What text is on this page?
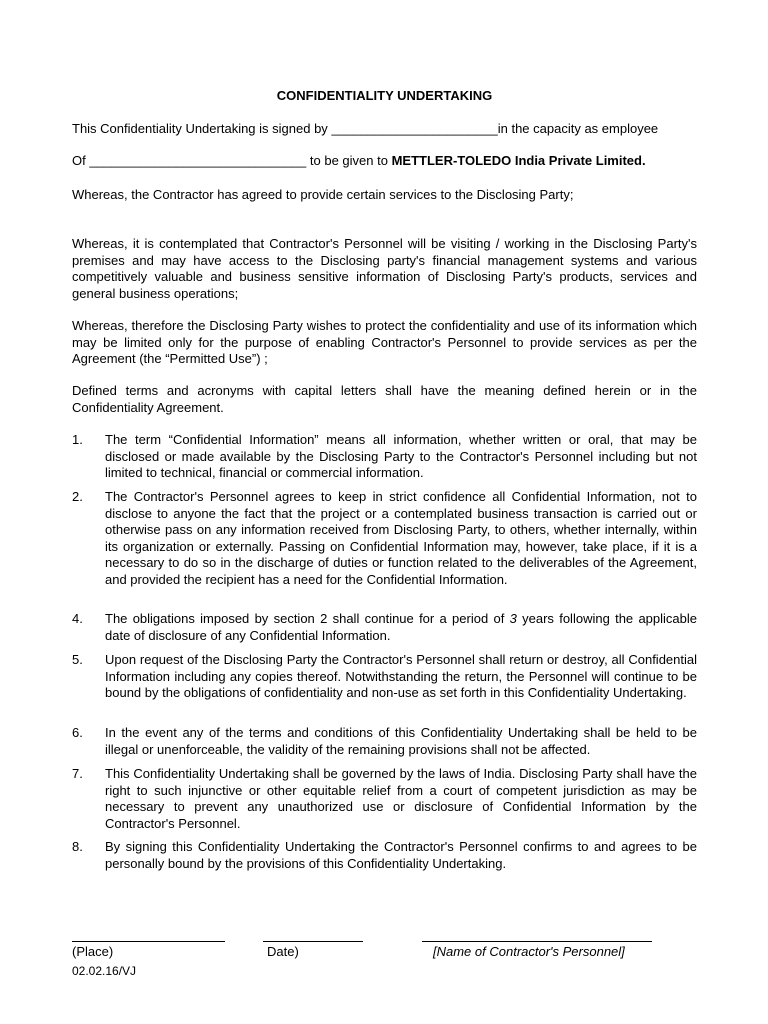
CONFIDENTIALITY UNDERTAKING
This Confidentiality Undertaking is signed by _______________________in the capacity as employee
Of ______________________________ to be given to METTLER-TOLEDO India Private Limited.

Whereas, the Contractor has agreed to provide certain services to the Disclosing Party;

Whereas, it is contemplated that Contractor's Personnel will be visiting / working in the Disclosing Party's premises and may have access to the Disclosing party's financial management systems and various competitively valuable and business sensitive information of Disclosing Party's products, services and general business operations;

Whereas, therefore the Disclosing Party wishes to protect the confidentiality and use of its information which may be limited only for the purpose of enabling Contractor's Personnel to provide services as per the Agreement (the “Permitted Use”) ;

Defined terms and acronyms with capital letters shall have the meaning defined herein or in the Confidentiality Agreement.

1.	The term “Confidential Information” means all information, whether written or oral, that may be disclosed or made available by the Disclosing Party to the Contractor's Personnel including but not limited to technical, financial or commercial information.
2.	The Contractor's Personnel agrees to keep in strict confidence all Confidential Information, not to disclose to anyone the fact that the project or a contemplated business transaction is carried out or otherwise pass on any information received from Disclosing Party, to others, whether internally, within its organization or externally. Passing on Confidential Information may, however, take place, if it is a necessary to do so in the discharge of duties or function related to the deliverables of the Agreement, and provided the recipient has a need for the Confidential Information.
4.	The obligations imposed by section 2 shall continue for a period of 3 years following the applicable date of disclosure of any Confidential Information.
5.	Upon request of the Disclosing Party the Contractor's Personnel shall return or destroy, all Confidential Information including any copies thereof. Notwithstanding the return, the Personnel will continue to be bound by the obligations of confidentiality and non-use as set forth in this Confidentiality Undertaking.
6.	In the event any of the terms and conditions of this Confidentiality Undertaking shall be held to be illegal or unenforceable, the validity of the remaining provisions shall not be affected.
7.	This Confidentiality Undertaking shall be governed by the laws of India. Disclosing Party shall have the right to such injunctive or other equitable relief from a court of competent jurisdiction as may be necessary to prevent any unauthorized use or disclosure of Confidential Information by the Contractor's Personnel.
8.	By signing this Confidentiality Undertaking the Contractor's Personnel confirms to and agrees to be personally bound by the provisions of this Confidentiality Undertaking.
(Place)	Date)	[Name of Contractor's Personnel]
02.02.16/VJ
